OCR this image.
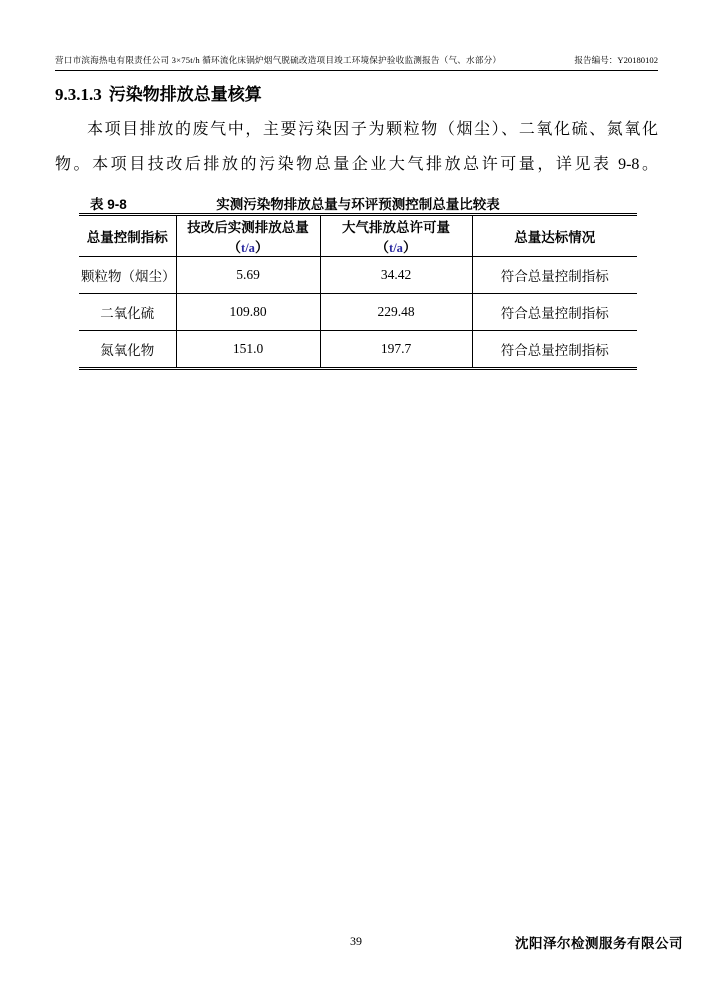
营口市滨海热电有限责任公司 3×75t/h 循环流化床锅炉烟气脱硫改造项目竣工环境保护验收监测报告（气、水部分）	报告编号：Y20180102
9.3.1.3 污染物排放总量核算
本项目排放的废气中，主要污染因子为颗粒物（烟尘）、二氧化硫、氮氧化
物。本项目技改后排放的污染物总量企业大气排放总许可量，详见表 9-8。
表 9-8	实测污染物排放总量与环评预测控制总量比较表
总量控制指标	技改后实测排放总量（t/a）	大气排放总许可量（t/a）	总量达标情况
颗粒物（烟尘）	5.69	34.42	符合总量控制指标
二氧化硫	109.80	229.48	符合总量控制指标
氮氧化物	151.0	197.7	符合总量控制指标
39	沈阳泽尔检测服务有限公司
